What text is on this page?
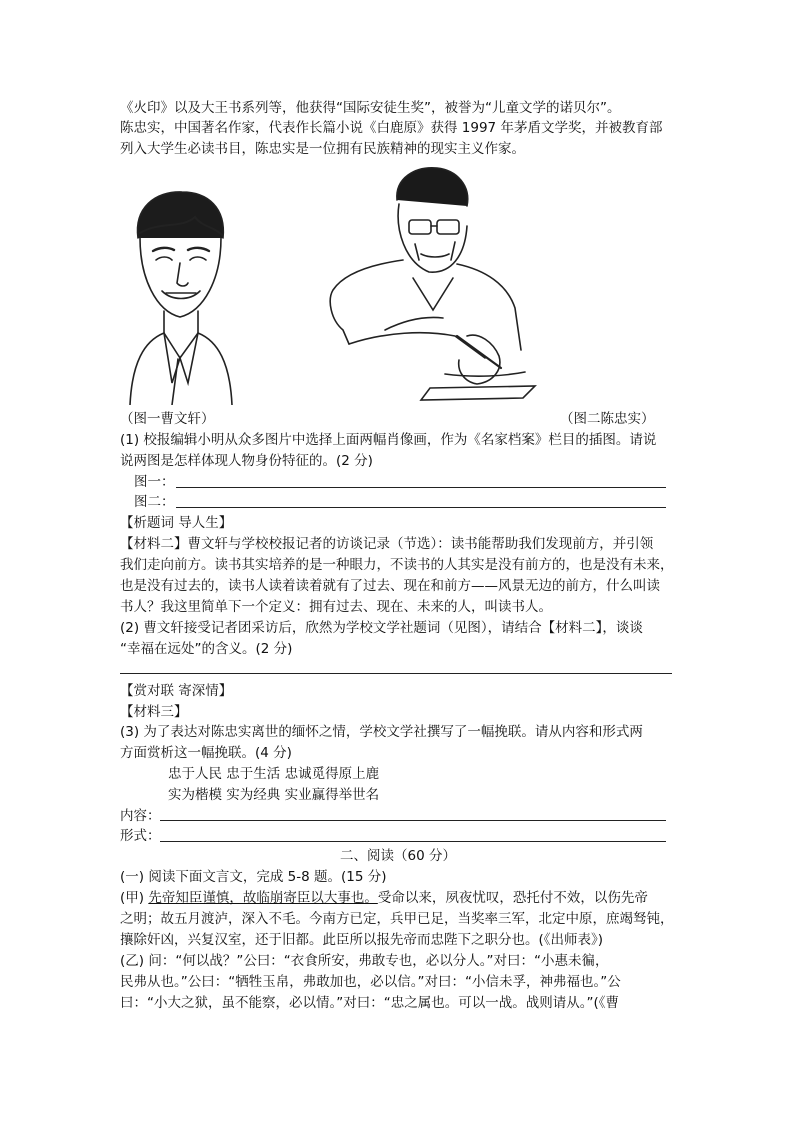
《火印》以及大王书系列等，他获得“国际安徒生奖”，被誉为“儿童文学的诺贝尔”。
陈忠实，中国著名作家，代表作长篇小说《白鹿原》获得 1997 年茅盾文学奖，并被教育部
列入大学生必读书目，陈忠实是一位拥有民族精神的现实主义作家。
（图一曹文轩）	（图二陈忠实）
(1) 校报编辑小明从众多图片中选择上面两幅肖像画，作为《名家档案》栏目的插图。请说
说两图是怎样体现人物身份特征的。(2 分)
图一：
图二：
【析题词 导人生】
【材料二】曹文轩与学校校报记者的访谈记录（节选）：读书能帮助我们发现前方，并引领
我们走向前方。读书其实培养的是一种眼力，不读书的人其实是没有前方的，也是没有未来，
也是没有过去的，读书人读着读着就有了过去、现在和前方——风景无边的前方，什么叫读
书人？我这里简单下一个定义：拥有过去、现在、未来的人，叫读书人。
(2) 曹文轩接受记者团采访后，欣然为学校文学社题词（见图），请结合【材料二】，谈谈
“幸福在远处”的含义。(2 分)
【赏对联 寄深情】
【材料三】
(3) 为了表达对陈忠实离世的缅怀之情，学校文学社撰写了一幅挽联。请从内容和形式两
方面赏析这一幅挽联。(4 分)
忠于人民 忠于生活 忠诚觅得原上鹿
实为楷模 实为经典 实业赢得举世名
内容：
形式：
二、阅读（60 分）
(一) 阅读下面文言文，完成 5-8 题。(15 分)
(甲) 先帝知臣谨慎，故临崩寄臣以大事也。受命以来，夙夜忧叹，恐托付不效，以伤先帝
之明；故五月渡泸，深入不毛。今南方已定，兵甲已足，当奖率三军，北定中原，庶竭驽钝，
攘除奸凶，兴复汉室，还于旧都。此臣所以报先帝而忠陛下之职分也。(《出师表》)
(乙) 问：“何以战？”公曰：“衣食所安，弗敢专也，必以分人。”对曰：“小惠未徧，
民弗从也。”公曰：“牺牲玉帛，弗敢加也，必以信。”对曰：“小信未孚，神弗福也。”公
曰：“小大之狱，虽不能察，必以情。”对曰：“忠之属也。可以一战。战则请从。”(《曹
